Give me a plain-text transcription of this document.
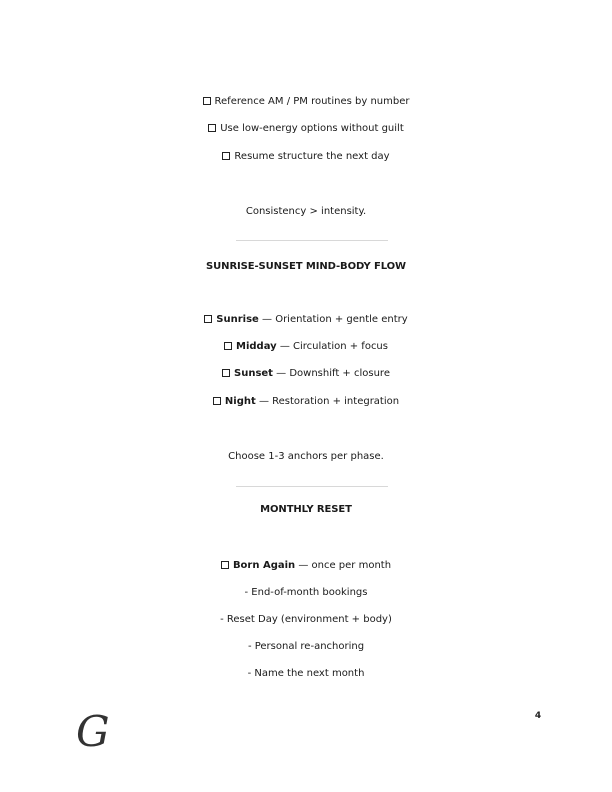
Reference AM / PM routines by number
Use low-energy options without guilt
Resume structure the next day
Consistency > intensity.
SUNRISE-SUNSET MIND-BODY FLOW
Sunrise — Orientation + gentle entry
Midday — Circulation + focus
Sunset — Downshift + closure
Night — Restoration + integration
Choose 1-3 anchors per phase.
MONTHLY RESET
Born Again — once per month
- End-of-month bookings
- Reset Day (environment + body)
- Personal re-anchoring
- Name the next month
G	4
